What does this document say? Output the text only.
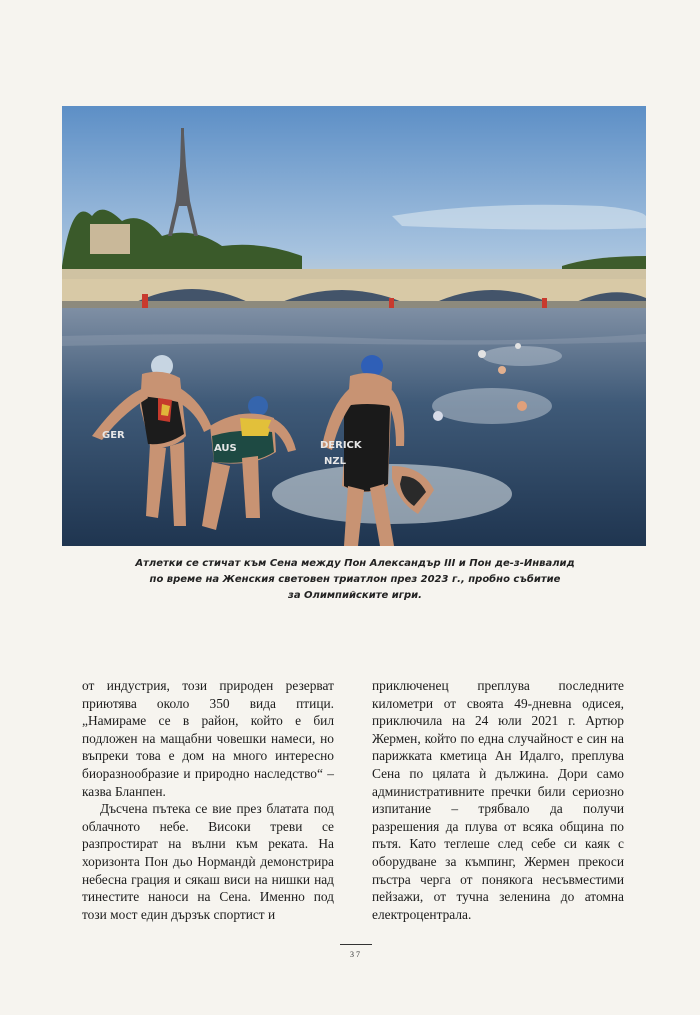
GER
AUS	DERICK
NZL
Атлетки се стичат към Сена между Пон Александър III и Пон де-з-Инвалид
по време на Женския световен триатлон през 2023 г., пробно събитие
за Олимпийските игри.

от индустрия, този природен резерват приютява около 350 вида птици. „Намираме се в район, който е бил подложен на мащабни човешки намеси, но въпреки това е дом на много интересно биоразнообразие и природно наследство“ – казва Бланпен.

Дъсчена пътека се вие през блатата под облачното небе. Високи треви се разпростират на вълни към реката. На хоризонта Пон дьо Нормандѝ демонстрира небесна грация и сякаш виси на нишки над тинестите наноси на Сена. Именно под този мост един дързък спортист и

приключенец преплува последните километри от своята 49-дневна одисея, приключила на 24 юли 2021 г. Артюр Жермен, който по една случайност е син на парижката кметица Ан Идалго, преплува Сена по цялата ѝ дължина. Дори само административните пречки били сериозно изпитание – трябвало да получи разрешения да плува от всяка община по пътя. Като теглеше след себе си каяк с оборудване за къмпинг, Жермен прекоси пъстра черга от понякога несъвместими пейзажи, от тучна зеленина до атомна електроцентрала.

37
